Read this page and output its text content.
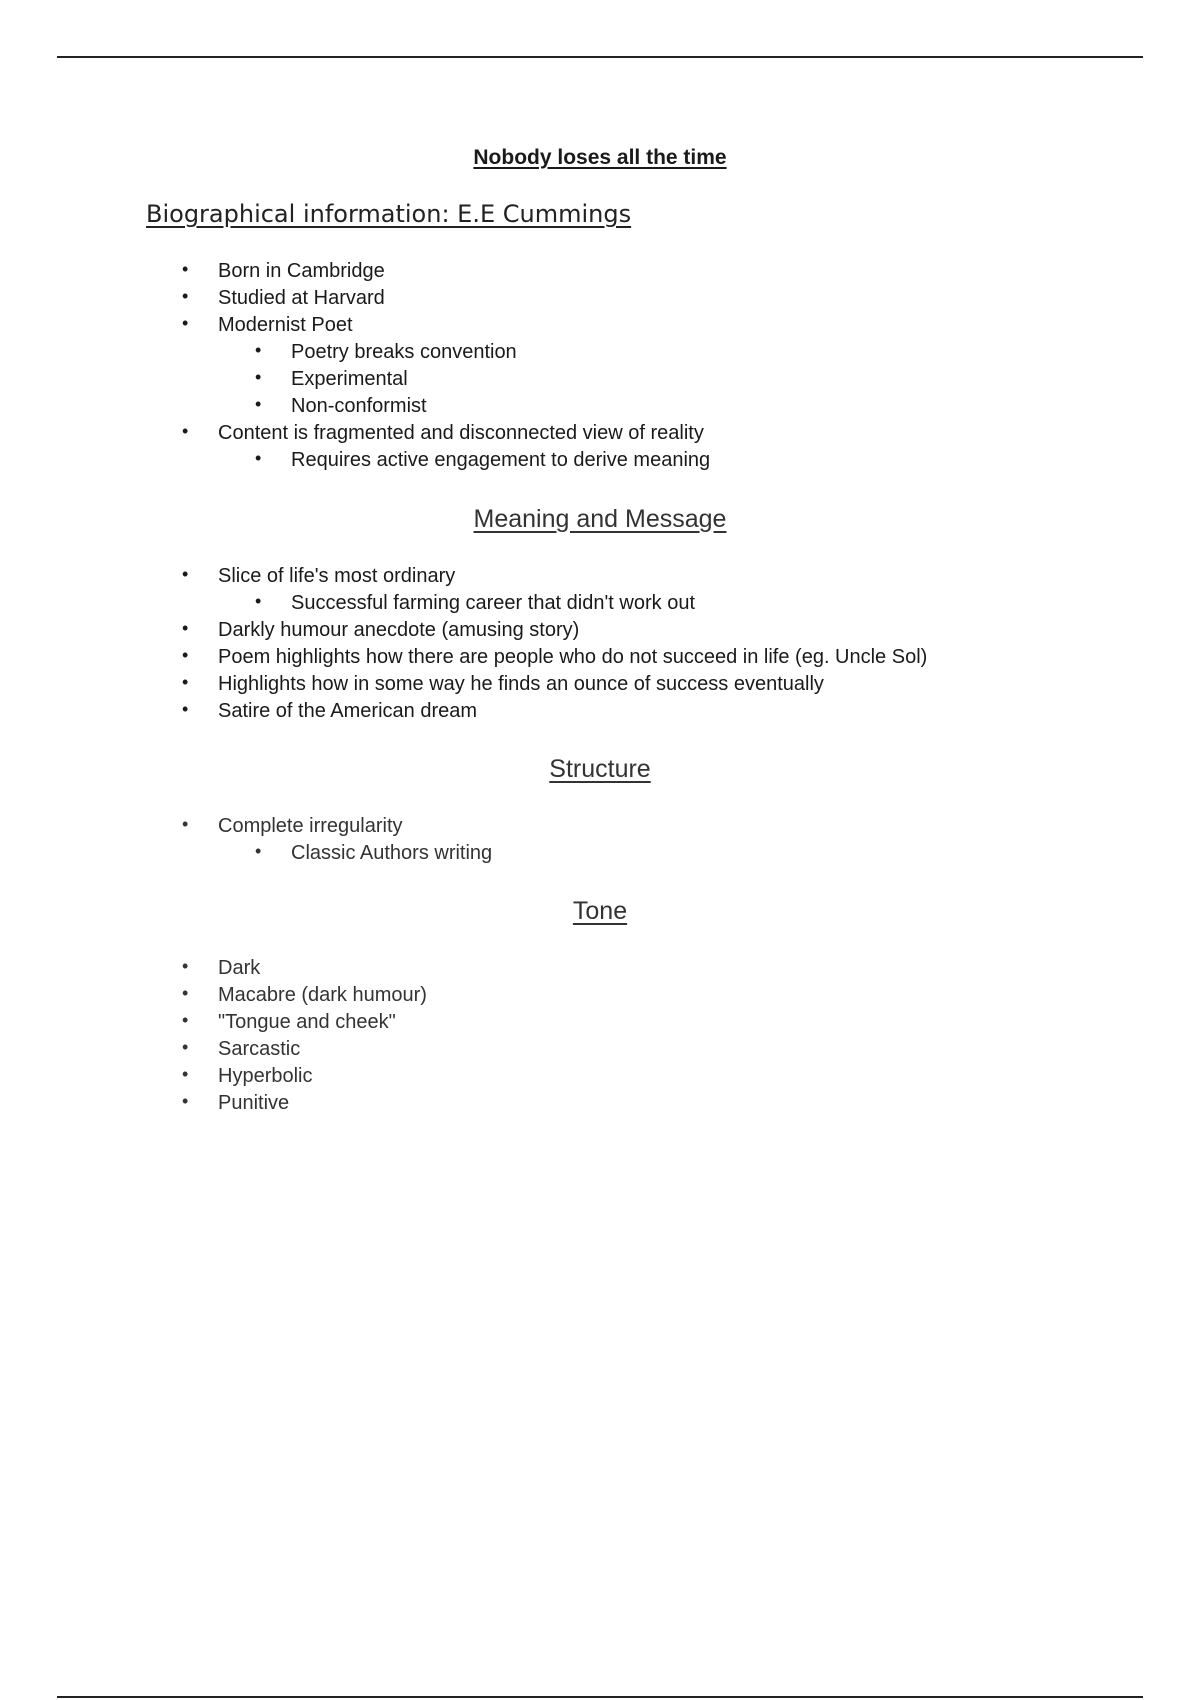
Nobody loses all the time
Biographical information: E.E Cummings
• Born in Cambridge
• Studied at Harvard
• Modernist Poet
• Poetry breaks convention
• Experimental
• Non-conformist
• Content is fragmented and disconnected view of reality
• Requires active engagement to derive meaning
Meaning and Message
• Slice of life's most ordinary
• Successful farming career that didn't work out
• Darkly humour anecdote (amusing story)
• Poem highlights how there are people who do not succeed in life (eg. Uncle Sol)
• Highlights how in some way he finds an ounce of success eventually
• Satire of the American dream
Structure
• Complete irregularity
• Classic Authors writing
Tone
• Dark
• Macabre (dark humour)
• "Tongue and cheek"
• Sarcastic
• Hyperbolic
• Punitive
